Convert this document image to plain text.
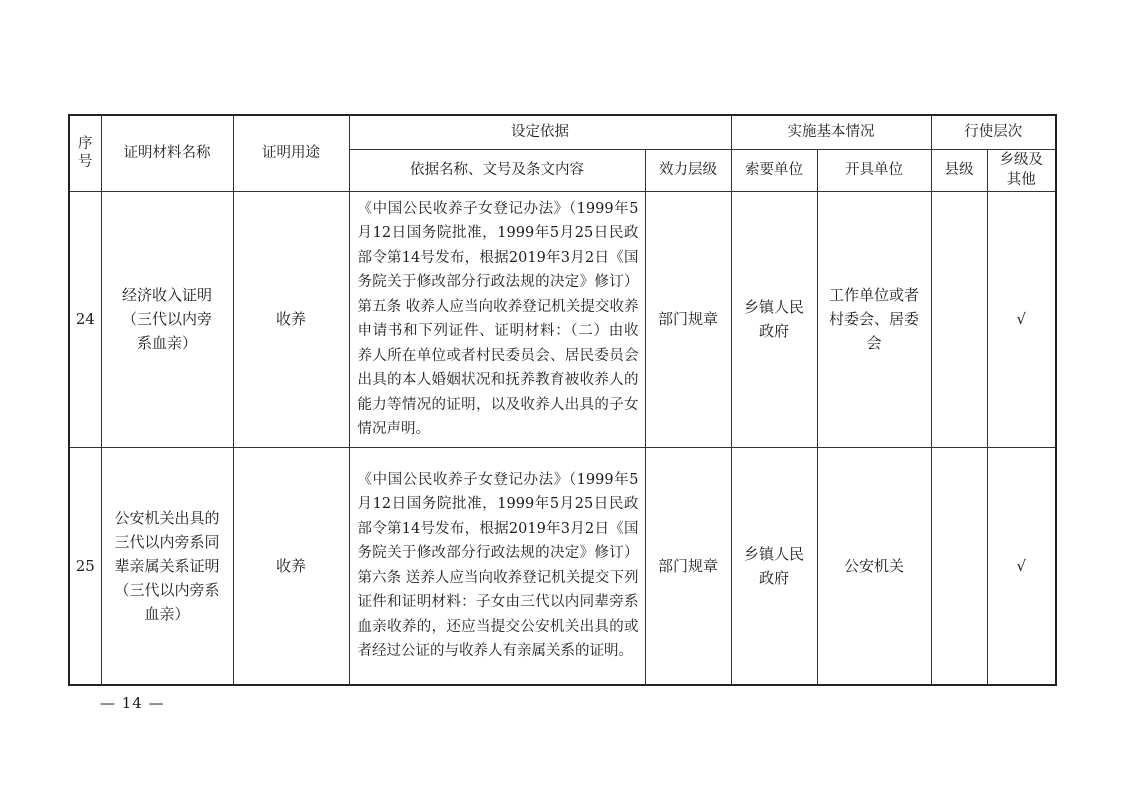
序号	证明材料名称	证明用途	设定依据		实施基本情况		行使层次	
			依据名称、文号及条文内容	效力层级	索要单位	开具单位	县级	乡级及其他

24	经济收入证明（三代以内旁系血亲）	收养	《中国公民收养子女登记办法》（1999年5月12日国务院批准，1999年5月25日民政部令第14号发布，根据2019年3月2日《国务院关于修改部分行政法规的决定》修订）第五条 收养人应当向收养登记机关提交收养申请书和下列证件、证明材料：（二）由收养人所在单位或者村民委员会、居民委员会出具的本人婚姻状况和抚养教育被收养人的能力等情况的证明，以及收养人出具的子女情况声明。	部门规章	乡镇人民政府	工作单位或者村委会、居委会		√
25	公安机关出具的三代以内旁系同辈亲属关系证明（三代以内旁系血亲）	收养	《中国公民收养子女登记办法》（1999年5月12日国务院批准，1999年5月25日民政部令第14号发布，根据2019年3月2日《国务院关于修改部分行政法规的决定》修订）第六条 送养人应当向收养登记机关提交下列证件和证明材料：子女由三代以内同辈旁系血亲收养的，还应当提交公安机关出具的或者经过公证的与收养人有亲属关系的证明。	部门规章	乡镇人民政府	公安机关		√
— 14 —
